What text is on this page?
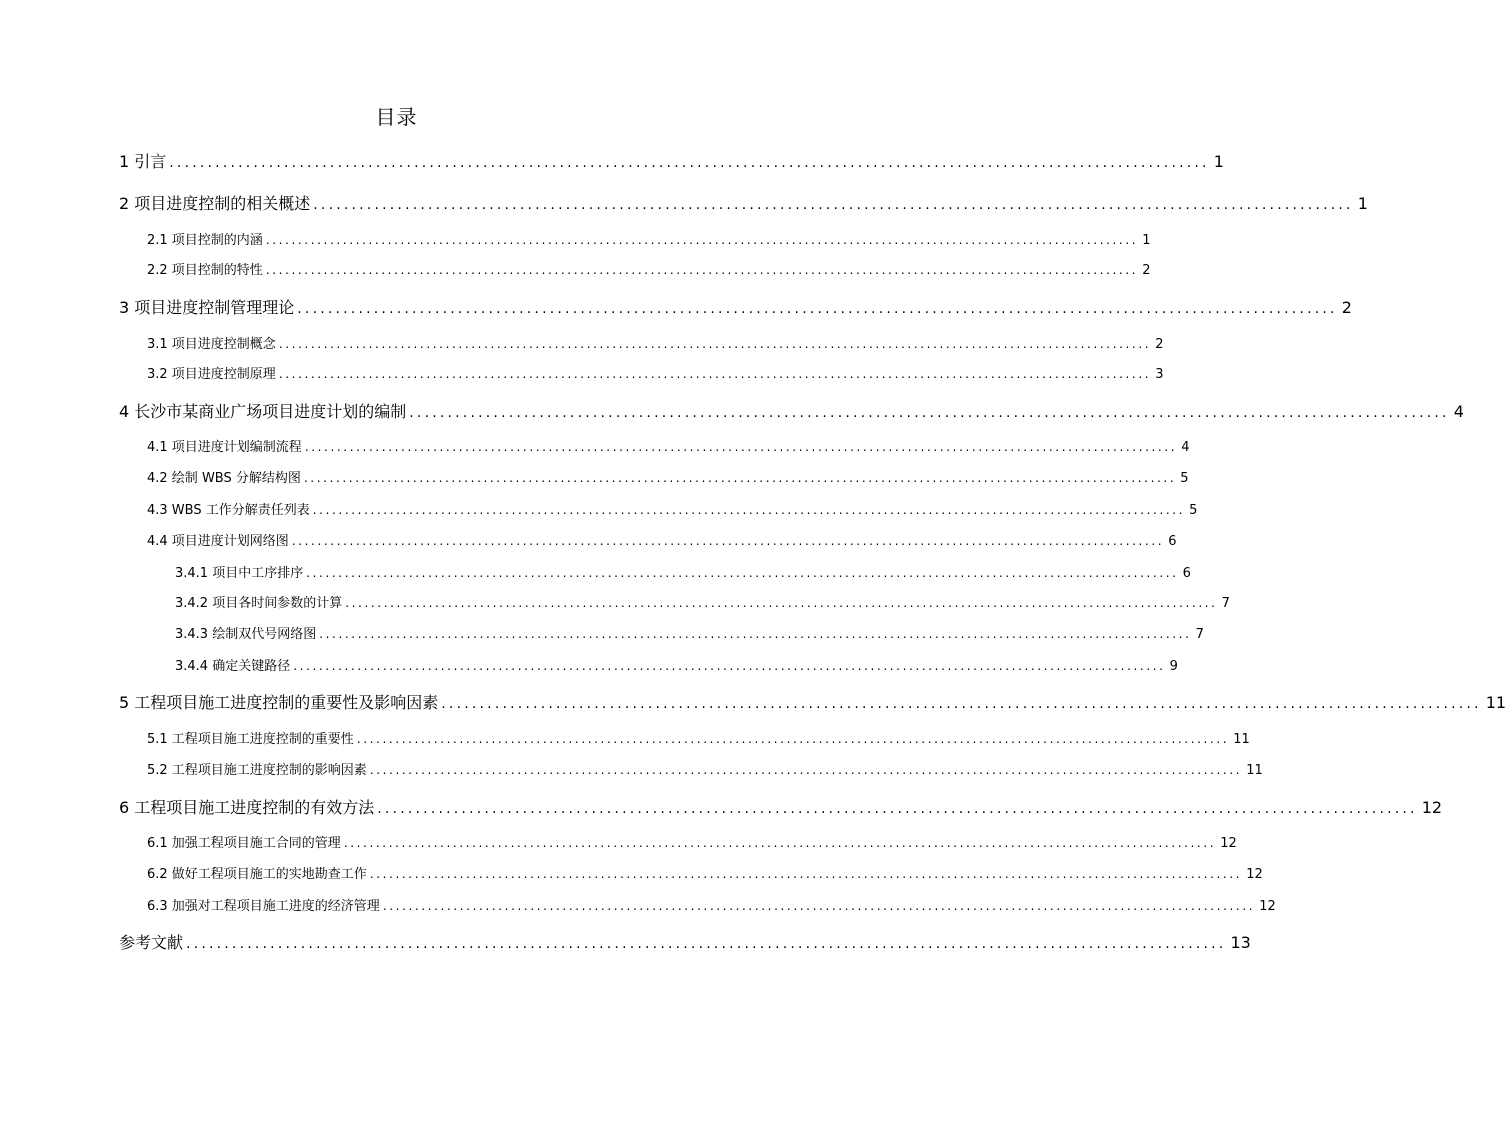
目录
1 引言 ........................................................................................................................................ 1
2 项目进度控制的相关概述 ........................................................................................................................................ 1
2.1 项目控制的内涵 ........................................................................................................................................ 1
2.2 项目控制的特性 ........................................................................................................................................ 2
3 项目进度控制管理理论 ........................................................................................................................................ 2
3.1 项目进度控制概念 ........................................................................................................................................ 2
3.2 项目进度控制原理 ........................................................................................................................................ 3
4 长沙市某商业广场项目进度计划的编制 ........................................................................................................................................ 4
4.1 项目进度计划编制流程 ........................................................................................................................................ 4
4.2 绘制 WBS 分解结构图 ........................................................................................................................................ 5
4.3 WBS 工作分解责任列表 ........................................................................................................................................ 5
4.4 项目进度计划网络图 ........................................................................................................................................ 6
3.4.1 项目中工序排序 ........................................................................................................................................ 6
3.4.2 项目各时间参数的计算 ........................................................................................................................................ 7
3.4.3 绘制双代号网络图 ........................................................................................................................................ 7
3.4.4 确定关键路径 ........................................................................................................................................ 9
5 工程项目施工进度控制的重要性及影响因素 ........................................................................................................................................ 11
5.1 工程项目施工进度控制的重要性 ........................................................................................................................................ 11
5.2 工程项目施工进度控制的影响因素 ........................................................................................................................................ 11
6 工程项目施工进度控制的有效方法 ........................................................................................................................................ 12
6.1 加强工程项目施工合同的管理 ........................................................................................................................................ 12
6.2 做好工程项目施工的实地勘查工作 ........................................................................................................................................ 12
6.3 加强对工程项目施工进度的经济管理 ........................................................................................................................................ 12
参考文献 ........................................................................................................................................ 13
